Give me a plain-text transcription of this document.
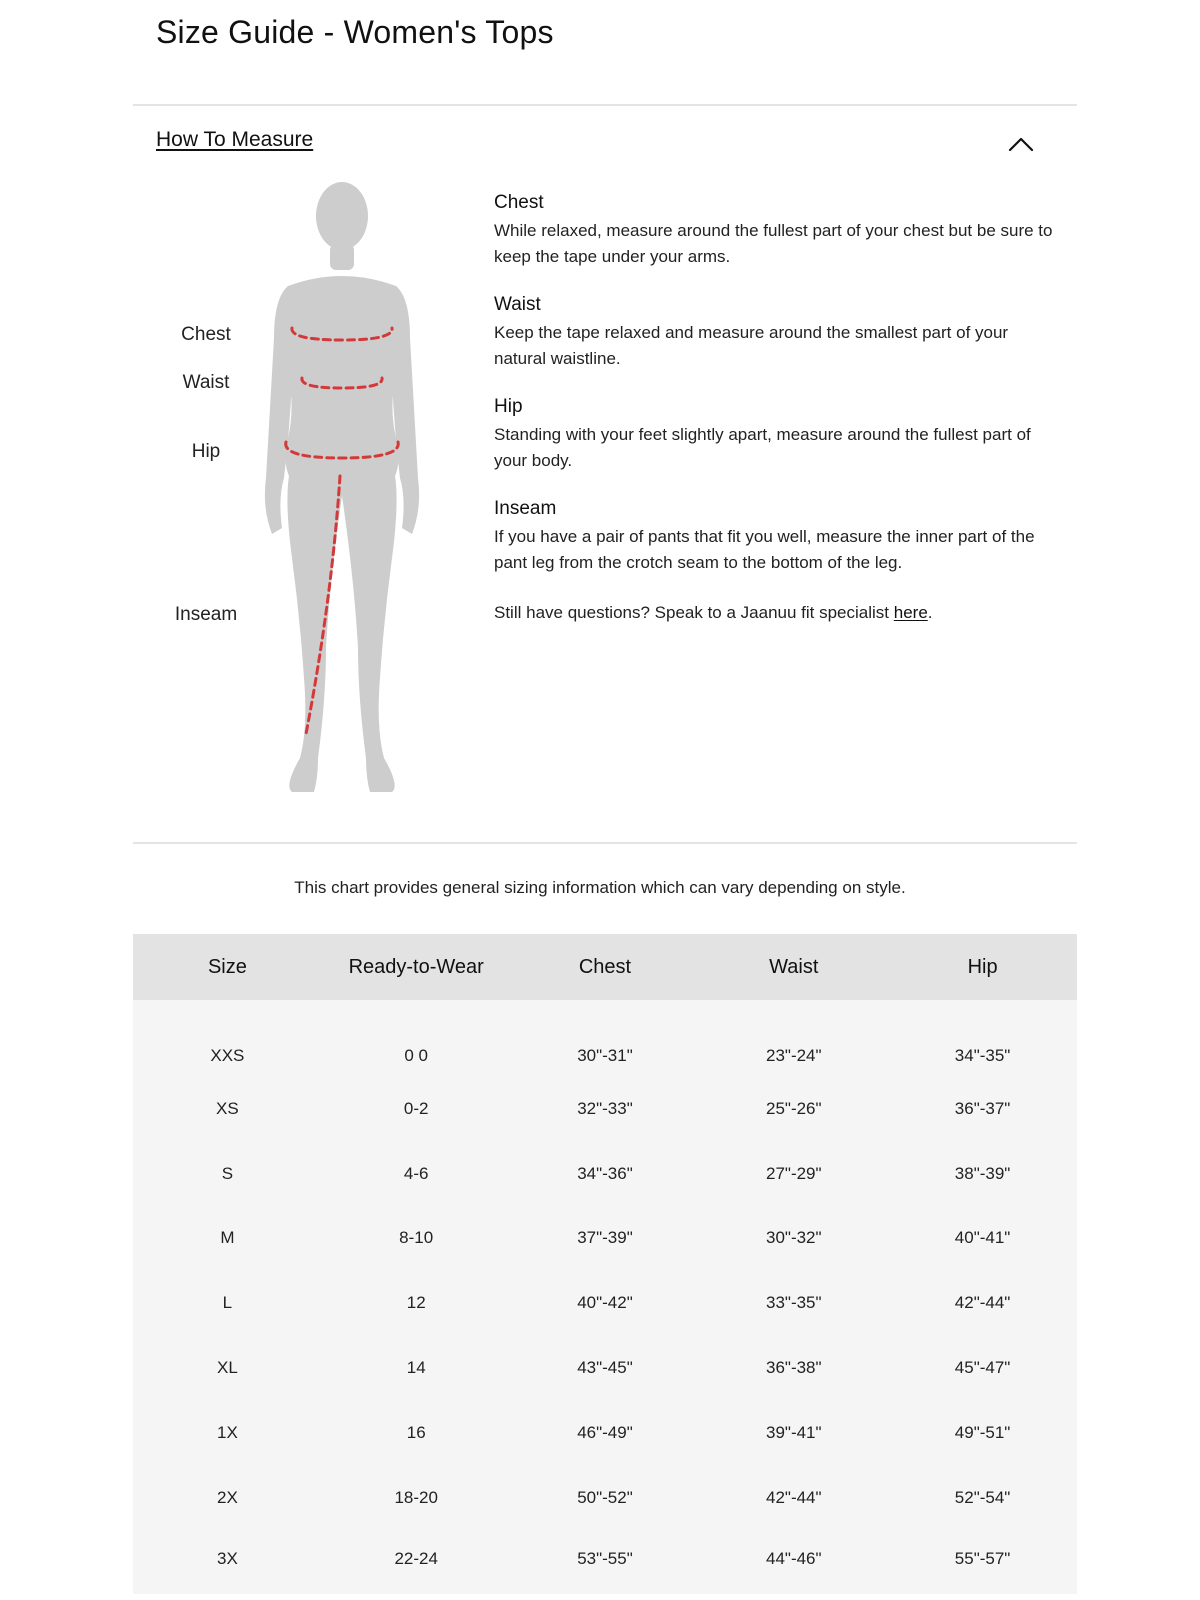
Size Guide - Women's Tops
How To Measure
Chest
Waist
Hip
Inseam
Chest

While relaxed, measure around the fullest part of your chest but be sure to keep the tape under your arms.

Waist

Keep the tape relaxed and measure around the smallest part of your natural waistline.

Hip

Standing with your feet slightly apart, measure around the fullest part of your body.

Inseam

If you have a pair of pants that fit you well, measure the inner part of the pant leg from the crotch seam to the bottom of the leg.

Still have questions? Speak to a Jaanuu fit specialist here.

This chart provides general sizing information which can vary depending on style.
Size	Ready-to-Wear	Chest	Waist	Hip
XXS	0 0	30"-31"	23"-24"	34"-35"
XS	0-2	32"-33"	25"-26"	36"-37"
S	4-6	34"-36"	27"-29"	38"-39"
M	8-10	37"-39"	30"-32"	40"-41"
L	12	40"-42"	33"-35"	42"-44"
XL	14	43"-45"	36"-38"	45"-47"
1X	16	46"-49"	39"-41"	49"-51"
2X	18-20	50"-52"	42"-44"	52"-54"
3X	22-24	53"-55"	44"-46"	55"-57"
